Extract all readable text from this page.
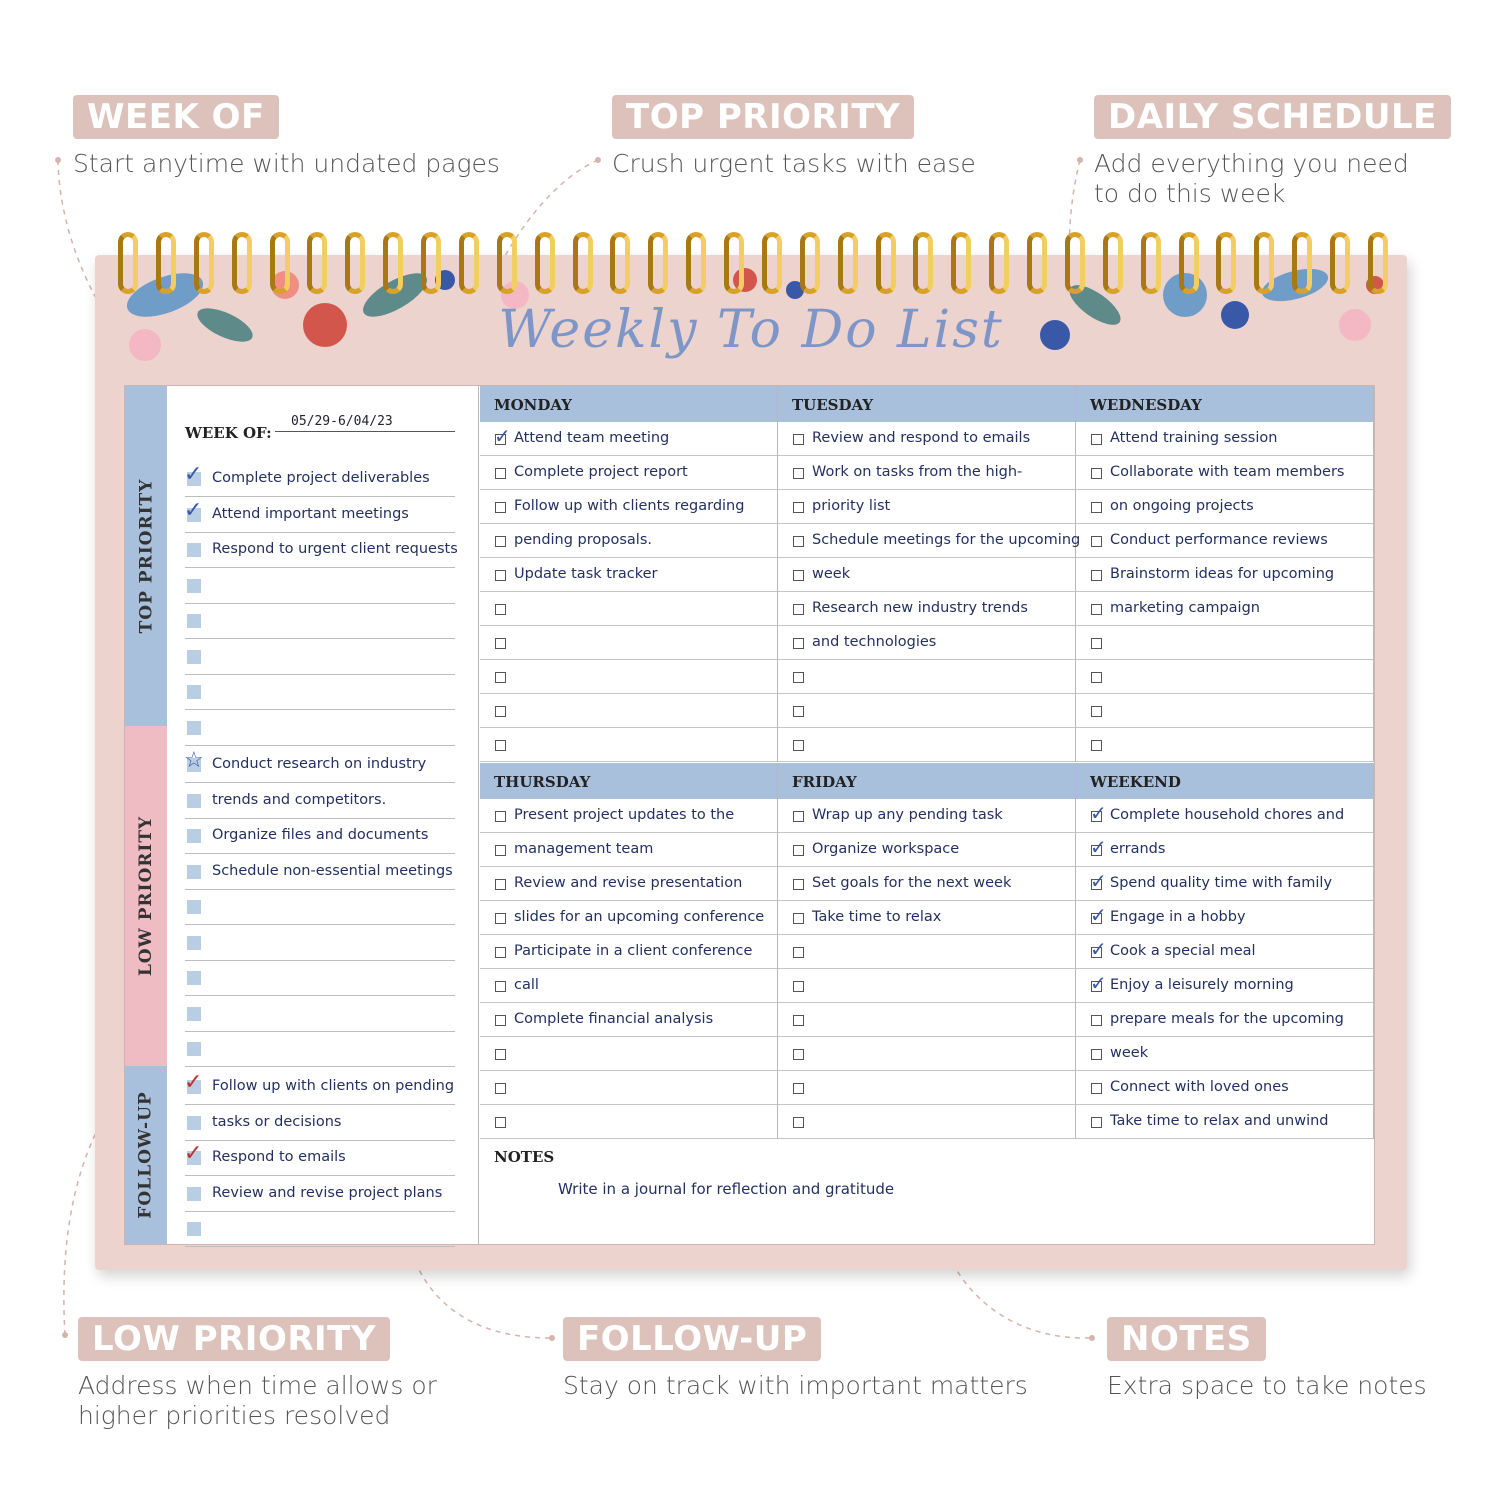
WEEK OF
Start anytime with undated pages
TOP PRIORITY
Crush urgent tasks with ease
DAILY SCHEDULE
Add everything you need
to do this week
LOW PRIORITY
Address when time allows or
higher priorities resolved
FOLLOW-UP
Stay on track with important matters
NOTES
Extra space to take notes
Weekly To Do List
TOP PRIORITY
LOW PRIORITY
FOLLOW-UP
WEEK OF:
05/29-6/04/23
✓ Complete project deliverables
✓ Attend important meetings
Respond to urgent client requests
☆ Conduct research on industry
trends and competitors.
Organize files and documents
Schedule non-essential meetings
✓ Follow up with clients on pending
tasks or decisions
✓ Respond to emails
Review and revise project plans
MONDAY
✓ Attend team meeting
Complete project report
Follow up with clients regarding
pending proposals.
Update task tracker
TUESDAY
Review and respond to emails
Work on tasks from the high-
priority list
Schedule meetings for the upcoming
week
Research new industry trends
and technologies
WEDNESDAY
Attend training session
Collaborate with team members
on ongoing projects
Conduct performance reviews
Brainstorm ideas for upcoming
marketing campaign
THURSDAY
Present project updates to the
management team
Review and revise presentation
slides for an upcoming conference
Participate in a client conference
call
Complete financial analysis
FRIDAY
Wrap up any pending task
Organize workspace
Set goals for the next week
Take time to relax
WEEKEND
✓ Complete household chores and
✓ errands
✓ Spend quality time with family
✓ Engage in a hobby
✓ Cook a special meal
✓ Enjoy a leisurely morning
prepare meals for the upcoming
week
Connect with loved ones
Take time to relax and unwind
NOTES
Write in a journal for reflection and gratitude
